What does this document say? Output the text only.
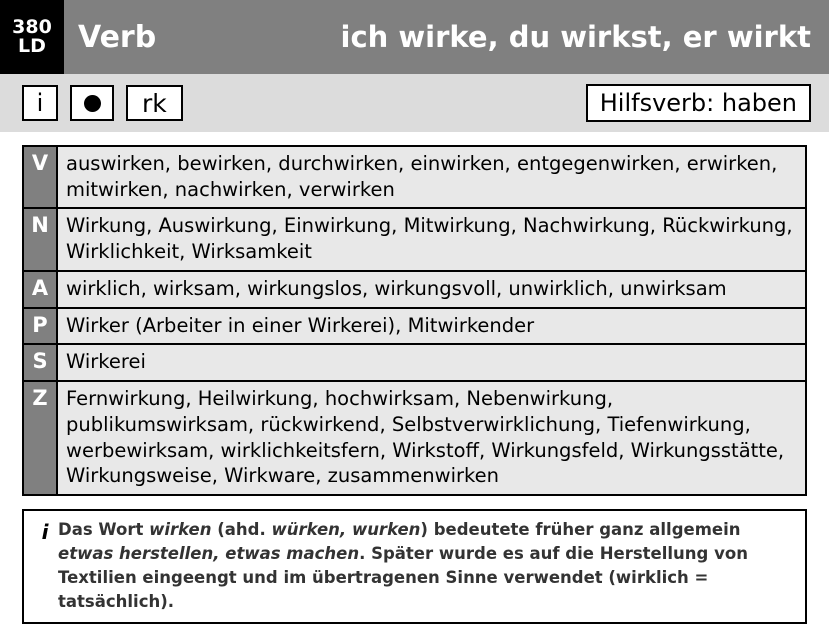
380
LD	Verb	ich wirke, du wirkst, er wirkt
i	rk	Hilfsverb: haben
V auswirken, bewirken, durchwirken, einwirken, entgegenwirken, erwirken, mitwirken, nachwirken, verwirken
N Wirkung, Auswirkung, Einwirkung, Mitwirkung, Nachwirkung, Rückwirkung, Wirklichkeit, Wirksamkeit
A wirklich, wirksam, wirkungslos, wirkungsvoll, unwirklich, unwirksam
P Wirker (Arbeiter in einer Wirkerei), Mitwirkender
S Wirkerei
Z Fernwirkung, Heilwirkung, hochwirksam, Nebenwirkung, publikumswirksam, rückwirkend, Selbstverwirklichung, Tiefenwirkung, werbewirksam, wirklichkeitsfern, Wirkstoff, Wirkungsfeld, Wirkungsstätte, Wirkungsweise, Wirkware, zusammenwirken
i Das Wort wirken (ahd. würken, wurken) bedeutete früher ganz allgemein etwas herstellen, etwas machen. Später wurde es auf die Herstellung von Textilien eingeengt und im übertragenen Sinne verwendet (wirklich = tatsächlich).
